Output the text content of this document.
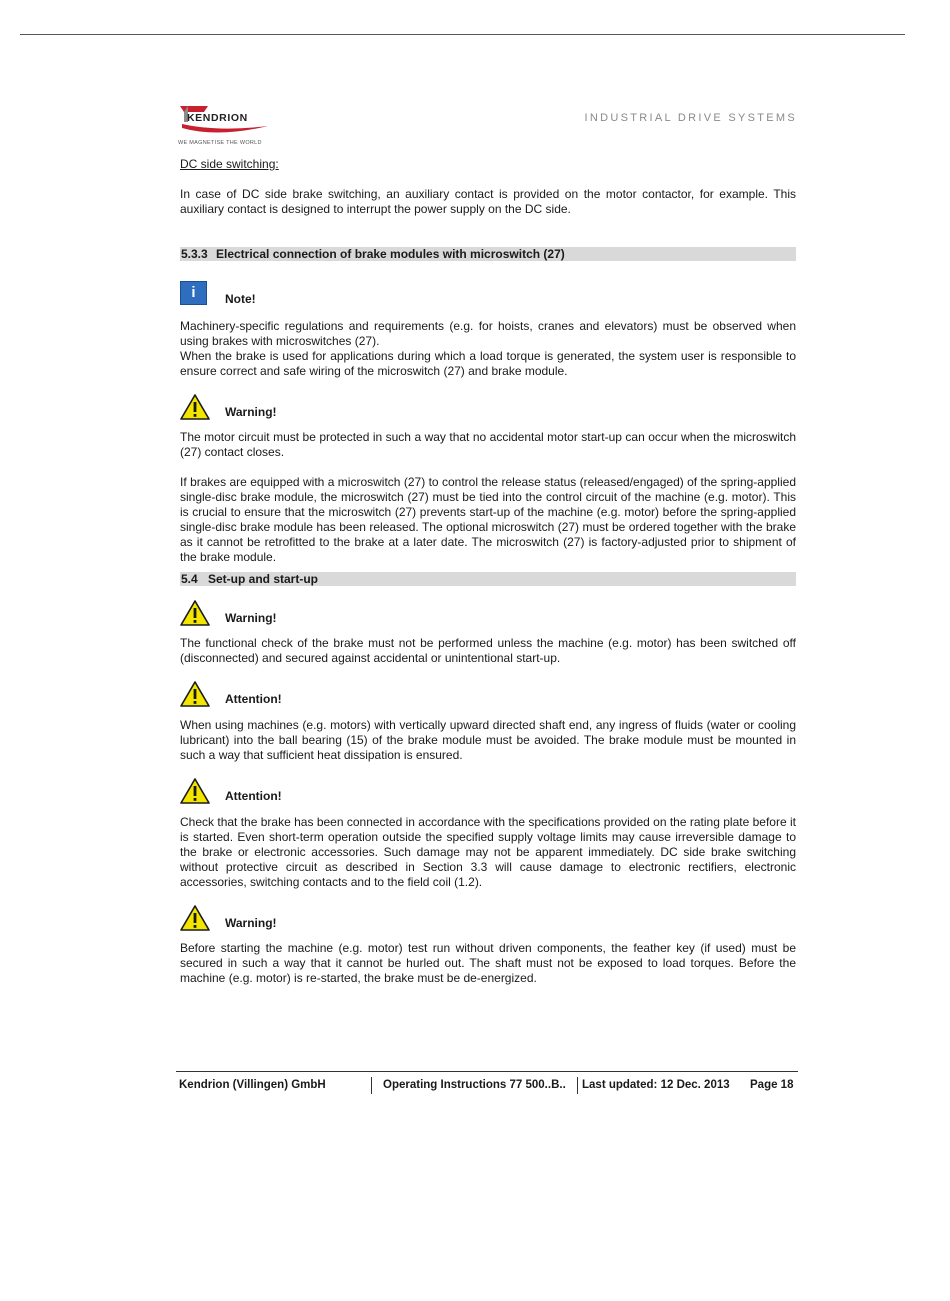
KENDRION
WE MAGNETISE THE WORLD
INDUSTRIAL DRIVE SYSTEMS
DC side switching:

In case of DC side brake switching, an auxiliary contact is provided on the motor contactor, for example. This auxiliary contact is designed to interrupt the power supply on the DC side.

5.3.3 Electrical connection of brake modules with microswitch (27)
i	Note!

Machinery-specific regulations and requirements (e.g. for hoists, cranes and elevators) must be observed when using brakes with microswitches (27).

When the brake is used for applications during which a load torque is generated, the system user is responsible to ensure correct and safe wiring of the microswitch (27) and brake module.

Warning!

The motor circuit must be protected in such a way that no accidental motor start-up can occur when the microswitch (27) contact closes.

If brakes are equipped with a microswitch (27) to control the release status (released/engaged) of the spring-applied single-disc brake module, the microswitch (27) must be tied into the control circuit of the machine (e.g. motor). This is crucial to ensure that the microswitch (27) prevents start-up of the machine (e.g. motor) before the spring-applied single-disc brake module has been released. The optional microswitch (27) must be ordered together with the brake as it cannot be retrofitted to the brake at a later date. The microswitch (27) is factory-adjusted prior to shipment of the brake module.

5.4 Set-up and start-up
Warning!

The functional check of the brake must not be performed unless the machine (e.g. motor) has been switched off (disconnected) and secured against accidental or unintentional start-up.

Attention!

When using machines (e.g. motors) with vertically upward directed shaft end, any ingress of fluids (water or cooling lubricant) into the ball bearing (15) of the brake module must be avoided. The brake module must be mounted in such a way that sufficient heat dissipation is ensured.

Attention!

Check that the brake has been connected in accordance with the specifications provided on the rating plate before it is started. Even short-term operation outside the specified supply voltage limits may cause irreversible damage to the brake or electronic accessories. Such damage may not be apparent immediately. DC side brake switching without protective circuit as described in Section 3.3 will cause damage to electronic rectifiers, electronic accessories, switching contacts and to the field coil (1.2).

Warning!

Before starting the machine (e.g. motor) test run without driven components, the feather key (if used) must be secured in such a way that it cannot be hurled out. The shaft must not be exposed to load torques. Before the machine (e.g. motor) is re-started, the brake must be de-energized.

Kendrion (Villingen) GmbH	Operating Instructions 77 500..B.. Last updated: 12 Dec. 2013 Page 18
